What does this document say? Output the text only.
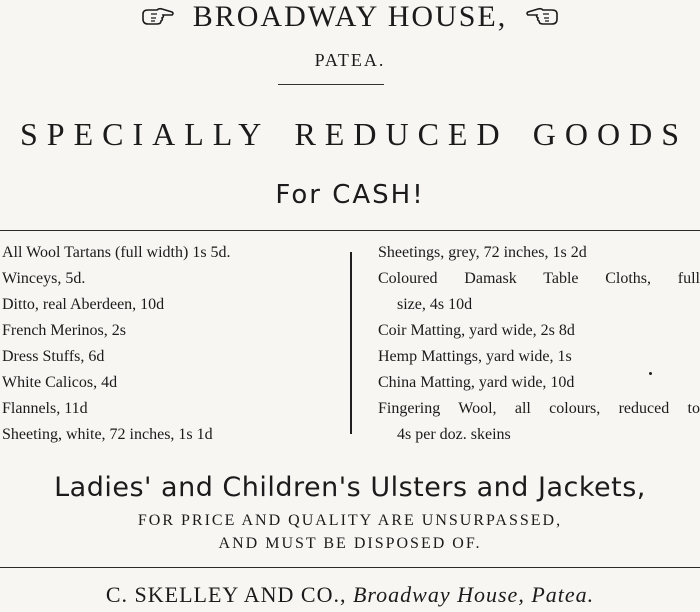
BROADWAY HOUSE,
PATEA.
SPECIALLY REDUCED GOODS
For CASH!
All Wool Tartans (full width) 1s 5d.
Winceys, 5d.
Ditto, real Aberdeen, 10d
French Merinos, 2s
Dress Stuffs, 6d
White Calicos, 4d
Flannels, 11d
Sheeting, white, 72 inches, 1s 1d
Sheetings, grey, 72 inches, 1s 2d
Coloured Damask Table Cloths, full
size, 4s 10d
Coir Matting, yard wide, 2s 8d
Hemp Mattings, yard wide, 1s
China Matting, yard wide, 10d
Fingering Wool, all colours, reduced to
4s per doz. skeins
Ladies' and Children's Ulsters and Jackets,
FOR PRICE AND QUALITY ARE UNSURPASSED,
AND MUST BE DISPOSED OF.
C. SKELLEY AND CO., Broadway House, Patea.
